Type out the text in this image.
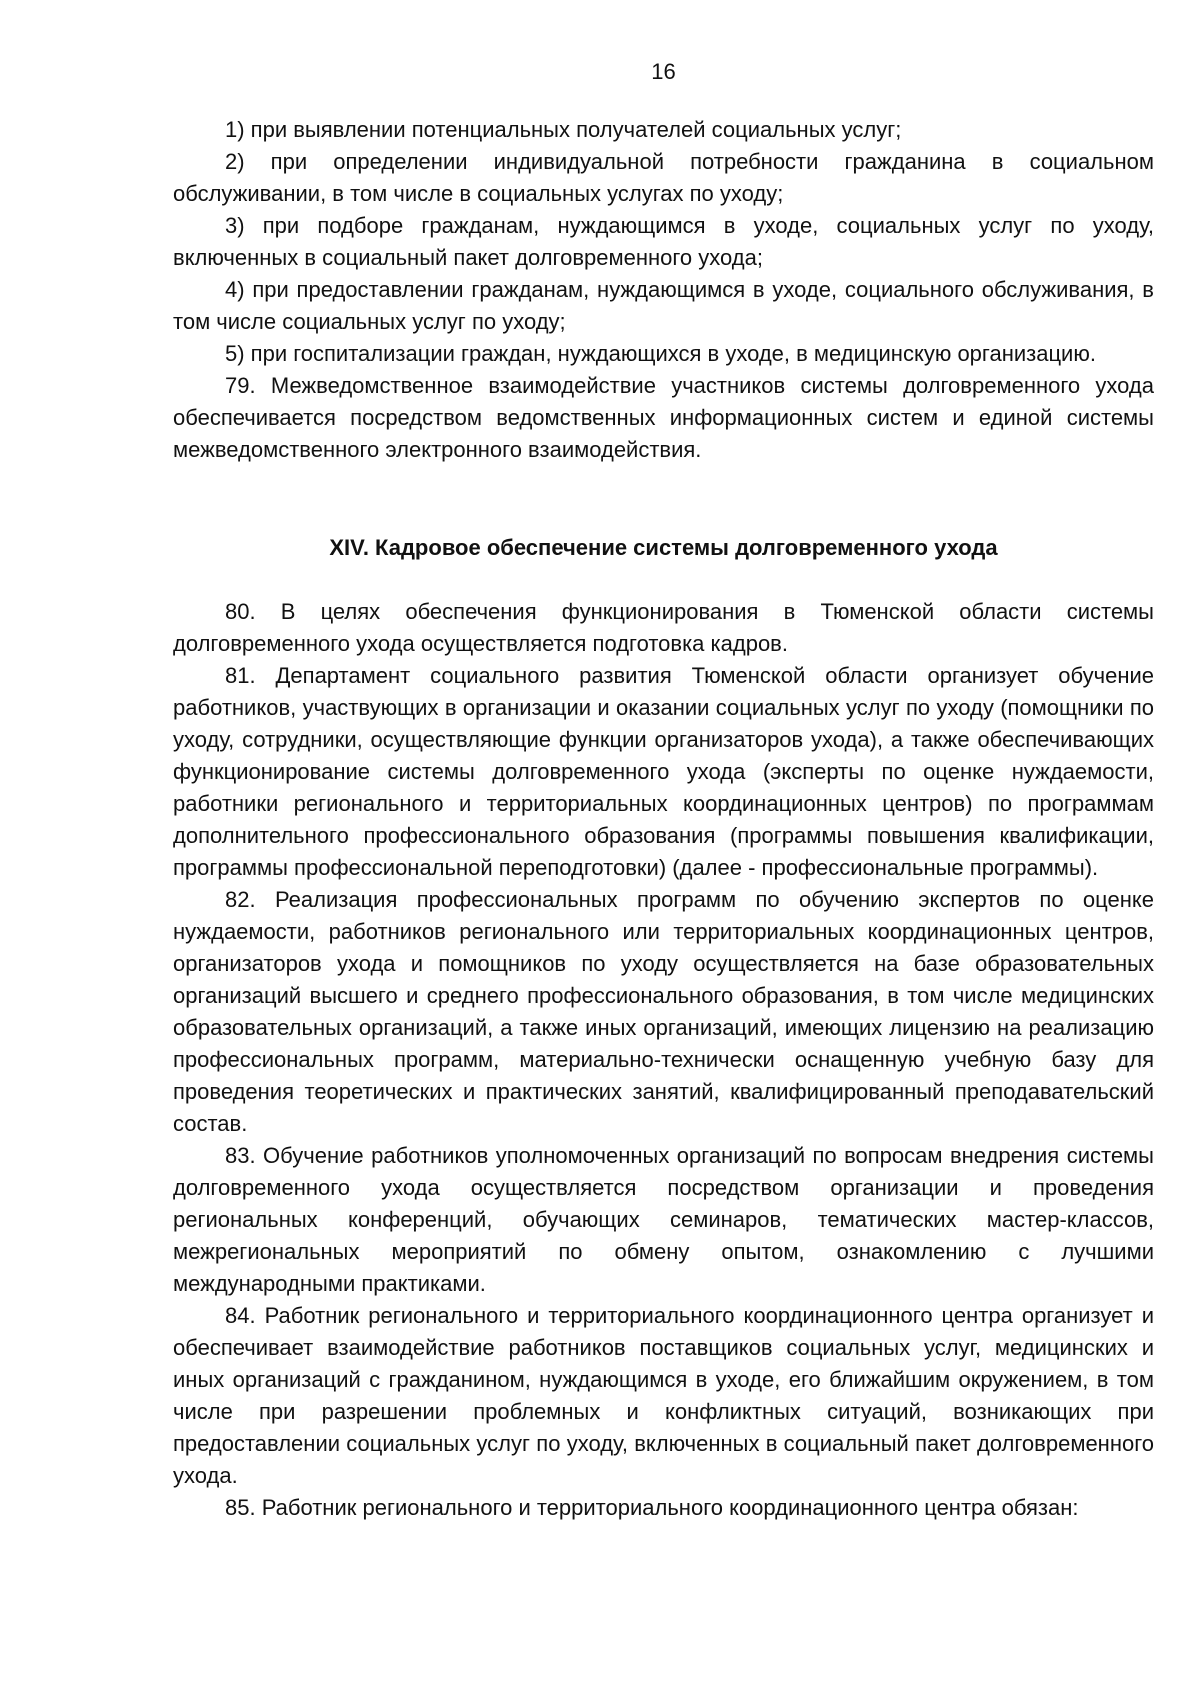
16

1) при выявлении потенциальных получателей социальных услуг;

2) при определении индивидуальной потребности гражданина в социальном обслуживании, в том числе в социальных услугах по уходу;

3) при подборе гражданам, нуждающимся в уходе, социальных услуг по уходу, включенных в социальный пакет долговременного ухода;

4) при предоставлении гражданам, нуждающимся в уходе, социального обслуживания, в том числе социальных услуг по уходу;

5) при госпитализации граждан, нуждающихся в уходе, в медицинскую организацию.

79. Межведомственное взаимодействие участников системы долговременного ухода обеспечивается посредством ведомственных информационных систем и единой системы межведомственного электронного взаимодействия.

XIV. Кадровое обеспечение системы долговременного ухода

80. В целях обеспечения функционирования в Тюменской области системы долговременного ухода осуществляется подготовка кадров.

81. Департамент социального развития Тюменской области организует обучение работников, участвующих в организации и оказании социальных услуг по уходу (помощники по уходу, сотрудники, осуществляющие функции организаторов ухода), а также обеспечивающих функционирование системы долговременного ухода (эксперты по оценке нуждаемости, работники регионального и территориальных координационных центров) по программам дополнительного профессионального образования (программы повышения квалификации, программы профессиональной переподготовки) (далее - профессиональные программы).

82. Реализация профессиональных программ по обучению экспертов по оценке нуждаемости, работников регионального или территориальных координационных центров, организаторов ухода и помощников по уходу осуществляется на базе образовательных организаций высшего и среднего профессионального образования, в том числе медицинских образовательных организаций, а также иных организаций, имеющих лицензию на реализацию профессиональных программ, материально-технически оснащенную учебную базу для проведения теоретических и практических занятий, квалифицированный преподавательский состав.

83. Обучение работников уполномоченных организаций по вопросам внедрения системы долговременного ухода осуществляется посредством организации и проведения региональных конференций, обучающих семинаров, тематических мастер-классов, межрегиональных мероприятий по обмену опытом, ознакомлению с лучшими международными практиками.

84. Работник регионального и территориального координационного центра организует и обеспечивает взаимодействие работников поставщиков социальных услуг, медицинских и иных организаций с гражданином, нуждающимся в уходе, его ближайшим окружением, в том числе при разрешении проблемных и конфликтных ситуаций, возникающих при предоставлении социальных услуг по уходу, включенных в социальный пакет долговременного ухода.

85. Работник регионального и территориального координационного центра обязан:
